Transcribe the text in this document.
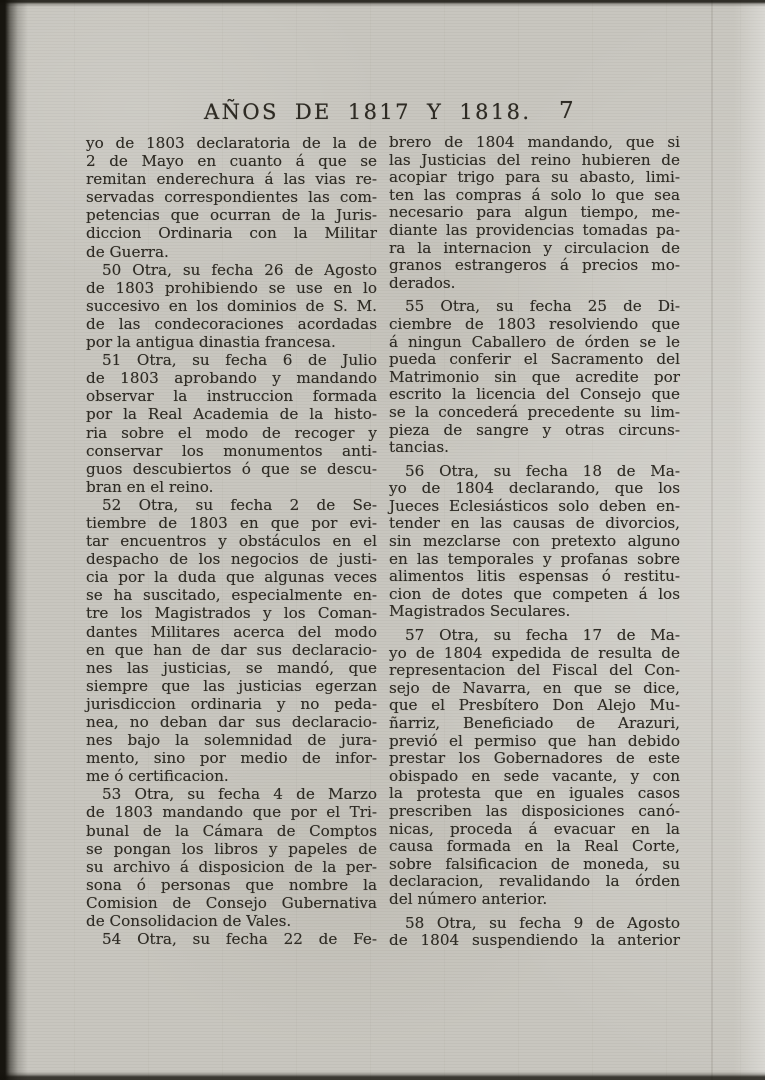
AÑOS DE 1817 Y 1818. 7
yo de 1803 declaratoria de la de
2 de Mayo en cuanto á que se
remitan enderechura á las vias re-
servadas correspondientes las com-
petencias que ocurran de la Juris-
diccion Ordinaria con la Militar
de Guerra.
50 Otra, su fecha 26 de Agosto
de 1803 prohibiendo se use en lo
succesivo en los dominios de S. M.
de las condecoraciones acordadas
por la antigua dinastia francesa.
51 Otra, su fecha 6 de Julio
de 1803 aprobando y mandando
observar la instruccion formada
por la Real Academia de la histo-
ria sobre el modo de recoger y
conservar los monumentos anti-
guos descubiertos ó que se descu-
bran en el reino.
52 Otra, su fecha 2 de Se-
tiembre de 1803 en que por evi-
tar encuentros y obstáculos en el
despacho de los negocios de justi-
cia por la duda que algunas veces
se ha suscitado, especialmente en-
tre los Magistrados y los Coman-
dantes Militares acerca del modo
en que han de dar sus declaracio-
nes las justicias, se mandó, que
siempre que las justicias egerzan
jurisdiccion ordinaria y no peda-
nea, no deban dar sus declaracio-
nes bajo la solemnidad de jura-
mento, sino por medio de infor-
me ó certificacion.
53 Otra, su fecha 4 de Marzo
de 1803 mandando que por el Tri-
bunal de la Cámara de Comptos
se pongan los libros y papeles de
su archivo á disposicion de la per-
sona ó personas que nombre la
Comision de Consejo Gubernativa
de Consolidacion de Vales.
54 Otra, su fecha 22 de Fe-
brero de 1804 mandando, que si
las Justicias del reino hubieren de
acopiar trigo para su abasto, limi-
ten las compras á solo lo que sea
necesario para algun tiempo, me-
diante las providencias tomadas pa-
ra la internacion y circulacion de
granos estrangeros á precios mo-
derados.
55 Otra, su fecha 25 de Di-
ciembre de 1803 resolviendo que
á ningun Caballero de órden se le
pueda conferir el Sacramento del
Matrimonio sin que acredite por
escrito la licencia del Consejo que
se la concederá precedente su lim-
pieza de sangre y otras circuns-
tancias.
56 Otra, su fecha 18 de Ma-
yo de 1804 declarando, que los
Jueces Eclesiásticos solo deben en-
tender en las causas de divorcios,
sin mezclarse con pretexto alguno
en las temporales y profanas sobre
alimentos litis espensas ó restitu-
cion de dotes que competen á los
Magistrados Seculares.
57 Otra, su fecha 17 de Ma-
yo de 1804 expedida de resulta de
representacion del Fiscal del Con-
sejo de Navarra, en que se dice,
que el Presbítero Don Alejo Mu-
ñarriz, Beneficiado de Arazuri,
previó el permiso que han debido
prestar los Gobernadores de este
obispado en sede vacante, y con
la protesta que en iguales casos
prescriben las disposiciones canó-
nicas, proceda á evacuar en la
causa formada en la Real Corte,
sobre falsificacion de moneda, su
declaracion, revalidando la órden
del número anterior.
58 Otra, su fecha 9 de Agosto
de 1804 suspendiendo la anterior
